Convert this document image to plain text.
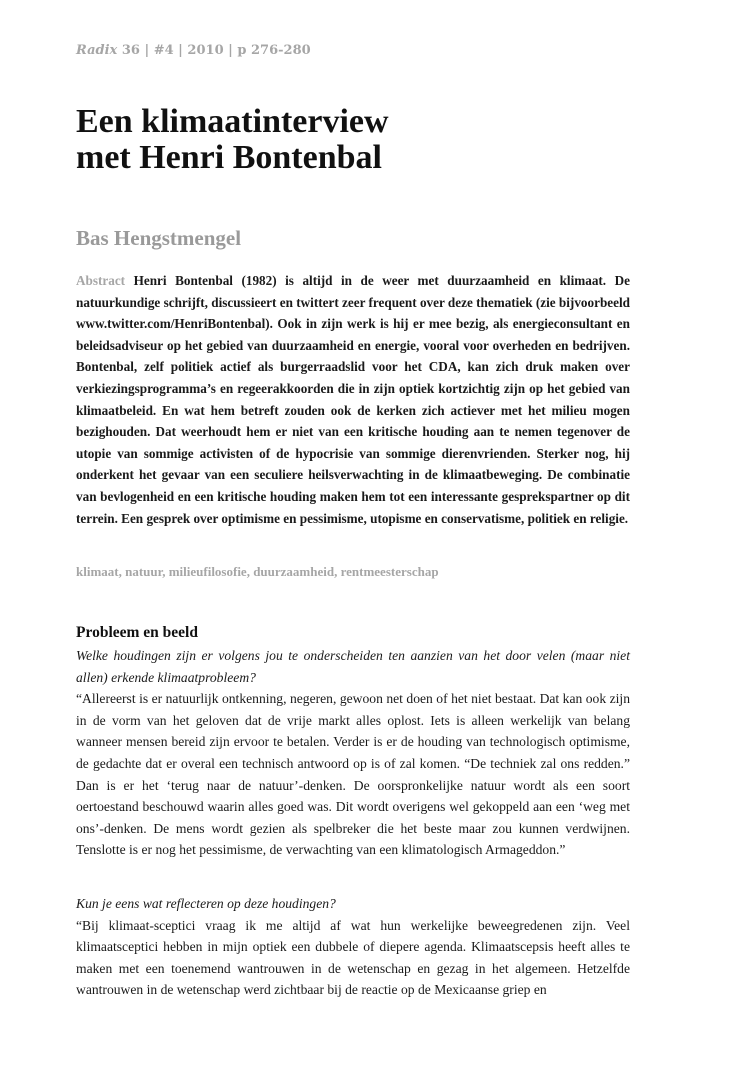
Radix 36 | #4 | 2010 | p 276-280
Een klimaatinterview
met Henri Bontenbal
Bas Hengstmengel

Abstract Henri Bontenbal (1982) is altijd in de weer met duurzaamheid en klimaat. De natuurkundige schrijft, discussieert en twittert zeer frequent over deze thematiek (zie bijvoorbeeld www.twitter.com/HenriBontenbal). Ook in zijn werk is hij er mee bezig, als energieconsultant en beleidsadviseur op het gebied van duurzaamheid en energie, vooral voor overheden en bedrijven. Bontenbal, zelf politiek actief als burgerraadslid voor het CDA, kan zich druk maken over verkiezingsprogramma’s en regeerakkoorden die in zijn optiek kortzichtig zijn op het gebied van klimaatbeleid. En wat hem betreft zouden ook de kerken zich actiever met het milieu mogen bezighouden. Dat weerhoudt hem er niet van een kritische houding aan te nemen tegenover de utopie van sommige activisten of de hypocrisie van sommige dierenvrienden. Sterker nog, hij onderkent het gevaar van een seculiere heilsverwachting in de klimaatbeweging. De combinatie van bevlogenheid en een kritische houding maken hem tot een interessante gesprekspartner op dit terrein. Een gesprek over optimisme en pessimisme, utopisme en conservatisme, politiek en religie.

klimaat, natuur, milieufilosofie, duurzaamheid, rentmeesterschap

Probleem en beeld
Welke houdingen zijn er volgens jou te onderscheiden ten aanzien van het door velen (maar niet allen) erkende klimaatprobleem?
“Allereerst is er natuurlijk ontkenning, negeren, gewoon net doen of het niet bestaat. Dat kan ook zijn in de vorm van het geloven dat de vrije markt alles oplost. Iets is alleen werkelijk van belang wanneer mensen bereid zijn ervoor te betalen. Verder is er de houding van technologisch optimisme, de gedachte dat er overal een technisch antwoord op is of zal komen. “De techniek zal ons redden.” Dan is er het ‘terug naar de natuur’-denken. De oorspronkelijke natuur wordt als een soort oertoestand beschouwd waarin alles goed was. Dit wordt overigens wel gekoppeld aan een ‘weg met ons’-denken. De mens wordt gezien als spelbreker die het beste maar zou kunnen verdwijnen. Tenslotte is er nog het pessimisme, de verwachting van een klimatologisch Armageddon.”
Kun je eens wat reflecteren op deze houdingen?
“Bij klimaat-sceptici vraag ik me altijd af wat hun werkelijke beweegredenen zijn. Veel klimaatsceptici hebben in mijn optiek een dubbele of diepere agenda. Klimaatscepsis heeft alles te maken met een toenemend wantrouwen in de wetenschap en gezag in het algemeen. Hetzelfde wantrouwen in de wetenschap werd zichtbaar bij de reactie op de Mexicaanse griep en
